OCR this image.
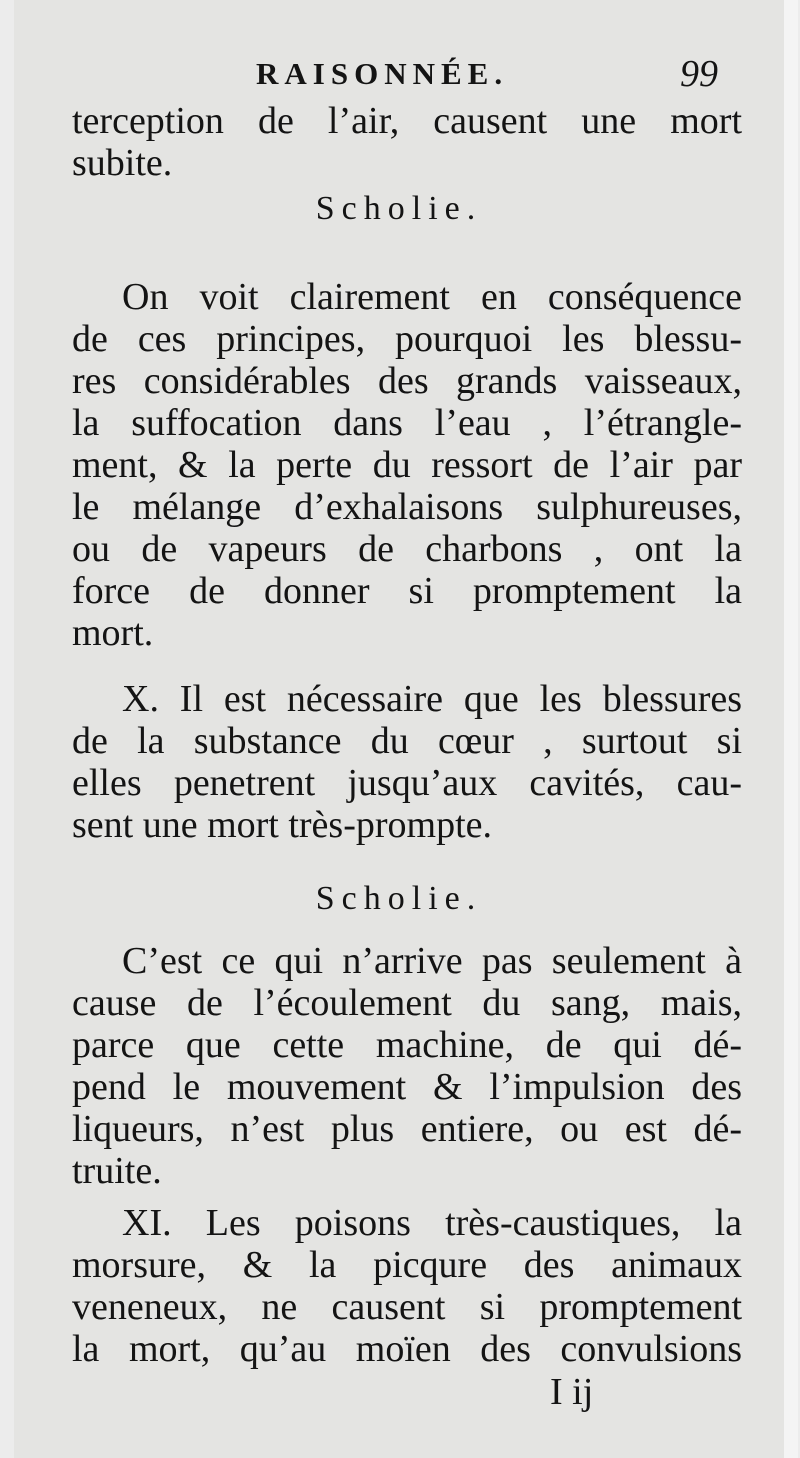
RAISONNÉE.	99
terception de l’air, causent une mort
subite.
Scholie.
On voit clairement en conséquence
de ces principes, pourquoi les blessu-
res considérables des grands vaisseaux,
la suffocation dans l’eau , l’étrangle-
ment, & la perte du ressort de l’air par
le mélange d’exhalaisons sulphureuses,
ou de vapeurs de charbons , ont la
force de donner si promptement la
mort.
X. Il est nécessaire que les blessures
de la substance du cœur , surtout si
elles penetrent jusqu’aux cavités, cau-
sent une mort très-prompte.
Scholie.
C’est ce qui n’arrive pas seulement à
cause de l’écoulement du sang, mais,
parce que cette machine, de qui dé-
pend le mouvement & l’impulsion des
liqueurs, n’est plus entiere, ou est dé-
truite.
XI. Les poisons très-caustiques, la
morsure, & la picqure des animaux
veneneux, ne causent si promptement
la mort, qu’au moïen des convulsions
I ij
